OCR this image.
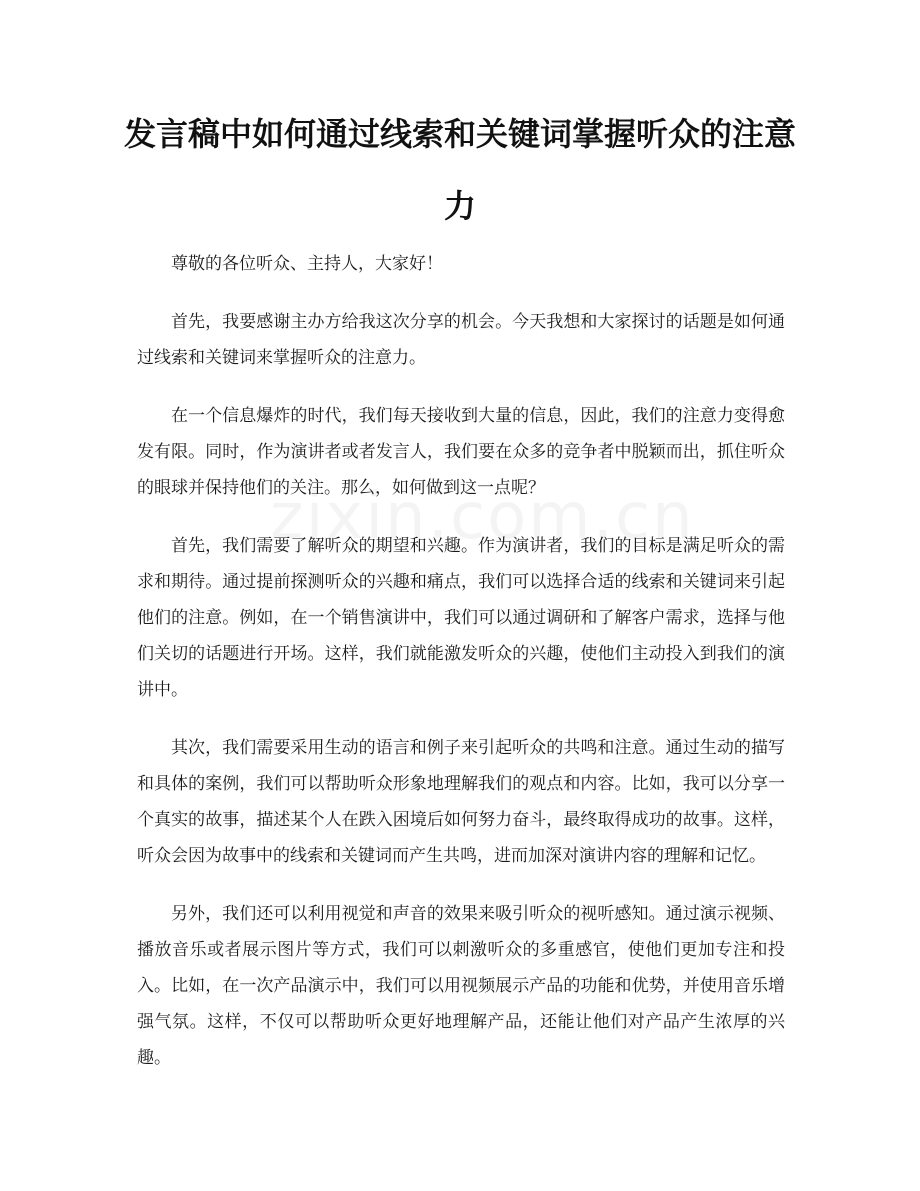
发言稿中如何通过线索和关键词掌握听众的注意力

尊敬的各位听众、主持人，大家好！

首先，我要感谢主办方给我这次分享的机会。今天我想和大家探讨的话题是如何通过线索和关键词来掌握听众的注意力。

在一个信息爆炸的时代，我们每天接收到大量的信息，因此，我们的注意力变得愈发有限。同时，作为演讲者或者发言人，我们要在众多的竞争者中脱颖而出，抓住听众的眼球并保持他们的关注。那么，如何做到这一点呢？

首先，我们需要了解听众的期望和兴趣。作为演讲者，我们的目标是满足听众的需求和期待。通过提前探测听众的兴趣和痛点，我们可以选择合适的线索和关键词来引起他们的注意。例如，在一个销售演讲中，我们可以通过调研和了解客户需求，选择与他们关切的话题进行开场。这样，我们就能激发听众的兴趣，使他们主动投入到我们的演讲中。

其次，我们需要采用生动的语言和例子来引起听众的共鸣和注意。通过生动的描写和具体的案例，我们可以帮助听众形象地理解我们的观点和内容。比如，我可以分享一个真实的故事，描述某个人在跌入困境后如何努力奋斗，最终取得成功的故事。这样，听众会因为故事中的线索和关键词而产生共鸣，进而加深对演讲内容的理解和记忆。

另外，我们还可以利用视觉和声音的效果来吸引听众的视听感知。通过演示视频、播放音乐或者展示图片等方式，我们可以刺激听众的多重感官，使他们更加专注和投入。比如，在一次产品演示中，我们可以用视频展示产品的功能和优势，并使用音乐增强气氛。这样，不仅可以帮助听众更好地理解产品，还能让他们对产品产生浓厚的兴趣。
